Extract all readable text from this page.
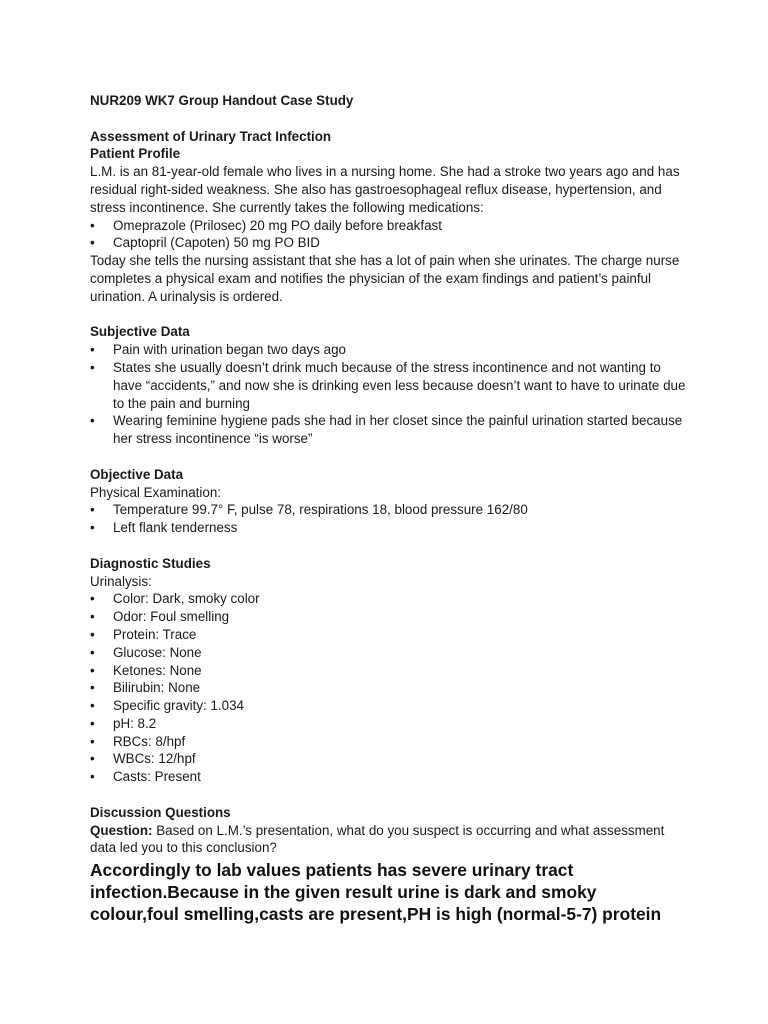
NUR209 WK7 Group Handout Case Study

Assessment of Urinary Tract Infection

Patient Profile

L.M. is an 81-year-old female who lives in a nursing home. She had a stroke two years ago and has residual right-sided weakness. She also has gastroesophageal reflux disease, hypertension, and stress incontinence. She currently takes the following medications:

• Omeprazole (Prilosec) 20 mg PO daily before breakfast
• Captopril (Capoten) 50 mg PO BID

Today she tells the nursing assistant that she has a lot of pain when she urinates. The charge nurse completes a physical exam and notifies the physician of the exam findings and patient’s painful urination. A urinalysis is ordered.

Subjective Data

• Pain with urination began two days ago
• States she usually doesn’t drink much because of the stress incontinence and not wanting to have “accidents,” and now she is drinking even less because doesn’t want to have to urinate due to the pain and burning
• Wearing feminine hygiene pads she had in her closet since the painful urination started because her stress incontinence “is worse”

Objective Data

Physical Examination:

• Temperature 99.7° F, pulse 78, respirations 18, blood pressure 162/80
• Left flank tenderness

Diagnostic Studies

Urinalysis:

• Color: Dark, smoky color
• Odor: Foul smelling
• Protein: Trace
• Glucose: None
• Ketones: None
• Bilirubin: None
• Specific gravity: 1.034
• pH: 8.2
• RBCs: 8/hpf
• WBCs: 12/hpf
• Casts: Present

Discussion Questions

Question: Based on L.M.’s presentation, what do you suspect is occurring and what assessment data led you to this conclusion?

Accordingly to lab values patients has severe urinary tract infection.Because in the given result urine is dark and smoky colour,foul smelling,casts are present,PH is high (normal-5-7) protein
